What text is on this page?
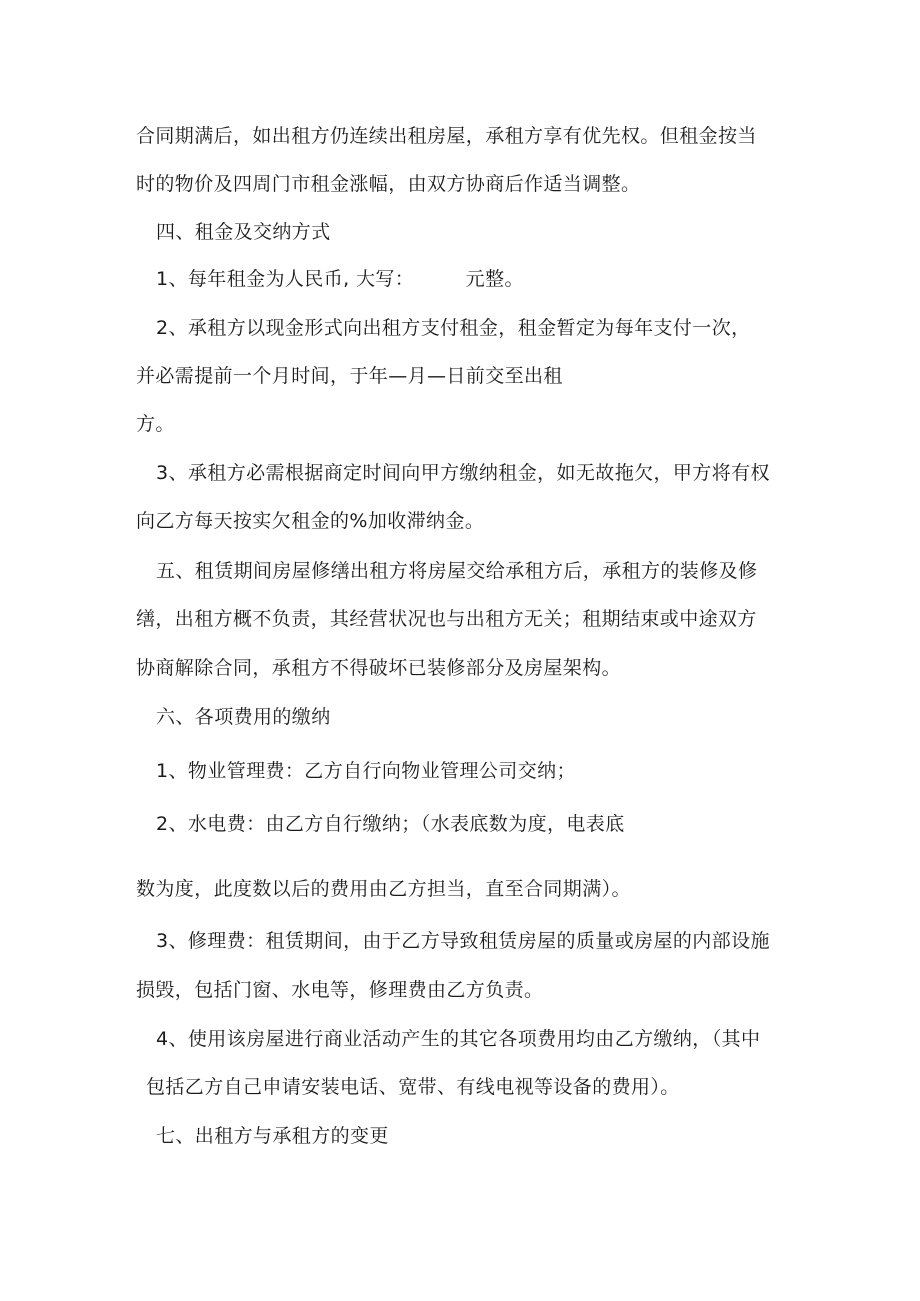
合同期满后，如出租方仍连续出租房屋，承租方享有优先权。但租金按当

时的物价及四周门市租金涨幅，由双方协商后作适当调整。

四、租金及交纳方式

1、每年租金为人民币, 大写：        元整。

2、承租方以现金形式向出租方支付租金，租金暂定为每年支付一次，

并必需提前一个月时间，于年—月—日前交至出租

方。

3、承租方必需根据商定时间向甲方缴纳租金，如无故拖欠，甲方将有权

向乙方每天按实欠租金的%加收滞纳金。

五、租赁期间房屋修缮出租方将房屋交给承租方后，承租方的装修及修

缮，出租方概不负责，其经营状况也与出租方无关；租期结束或中途双方

协商解除合同，承租方不得破坏已装修部分及房屋架构。

六、各项费用的缴纳

1、物业管理费：乙方自行向物业管理公司交纳；

2、水电费：由乙方自行缴纳；（水表底数为度，电表底

数为度，此度数以后的费用由乙方担当，直至合同期满）。

3、修理费：租赁期间，由于乙方导致租赁房屋的质量或房屋的内部设施

损毁，包括门窗、水电等，修理费由乙方负责。

4、使用该房屋进行商业活动产生的其它各项费用均由乙方缴纳，（其中

包括乙方自己申请安装电话、宽带、有线电视等设备的费用）。

七、出租方与承租方的变更
